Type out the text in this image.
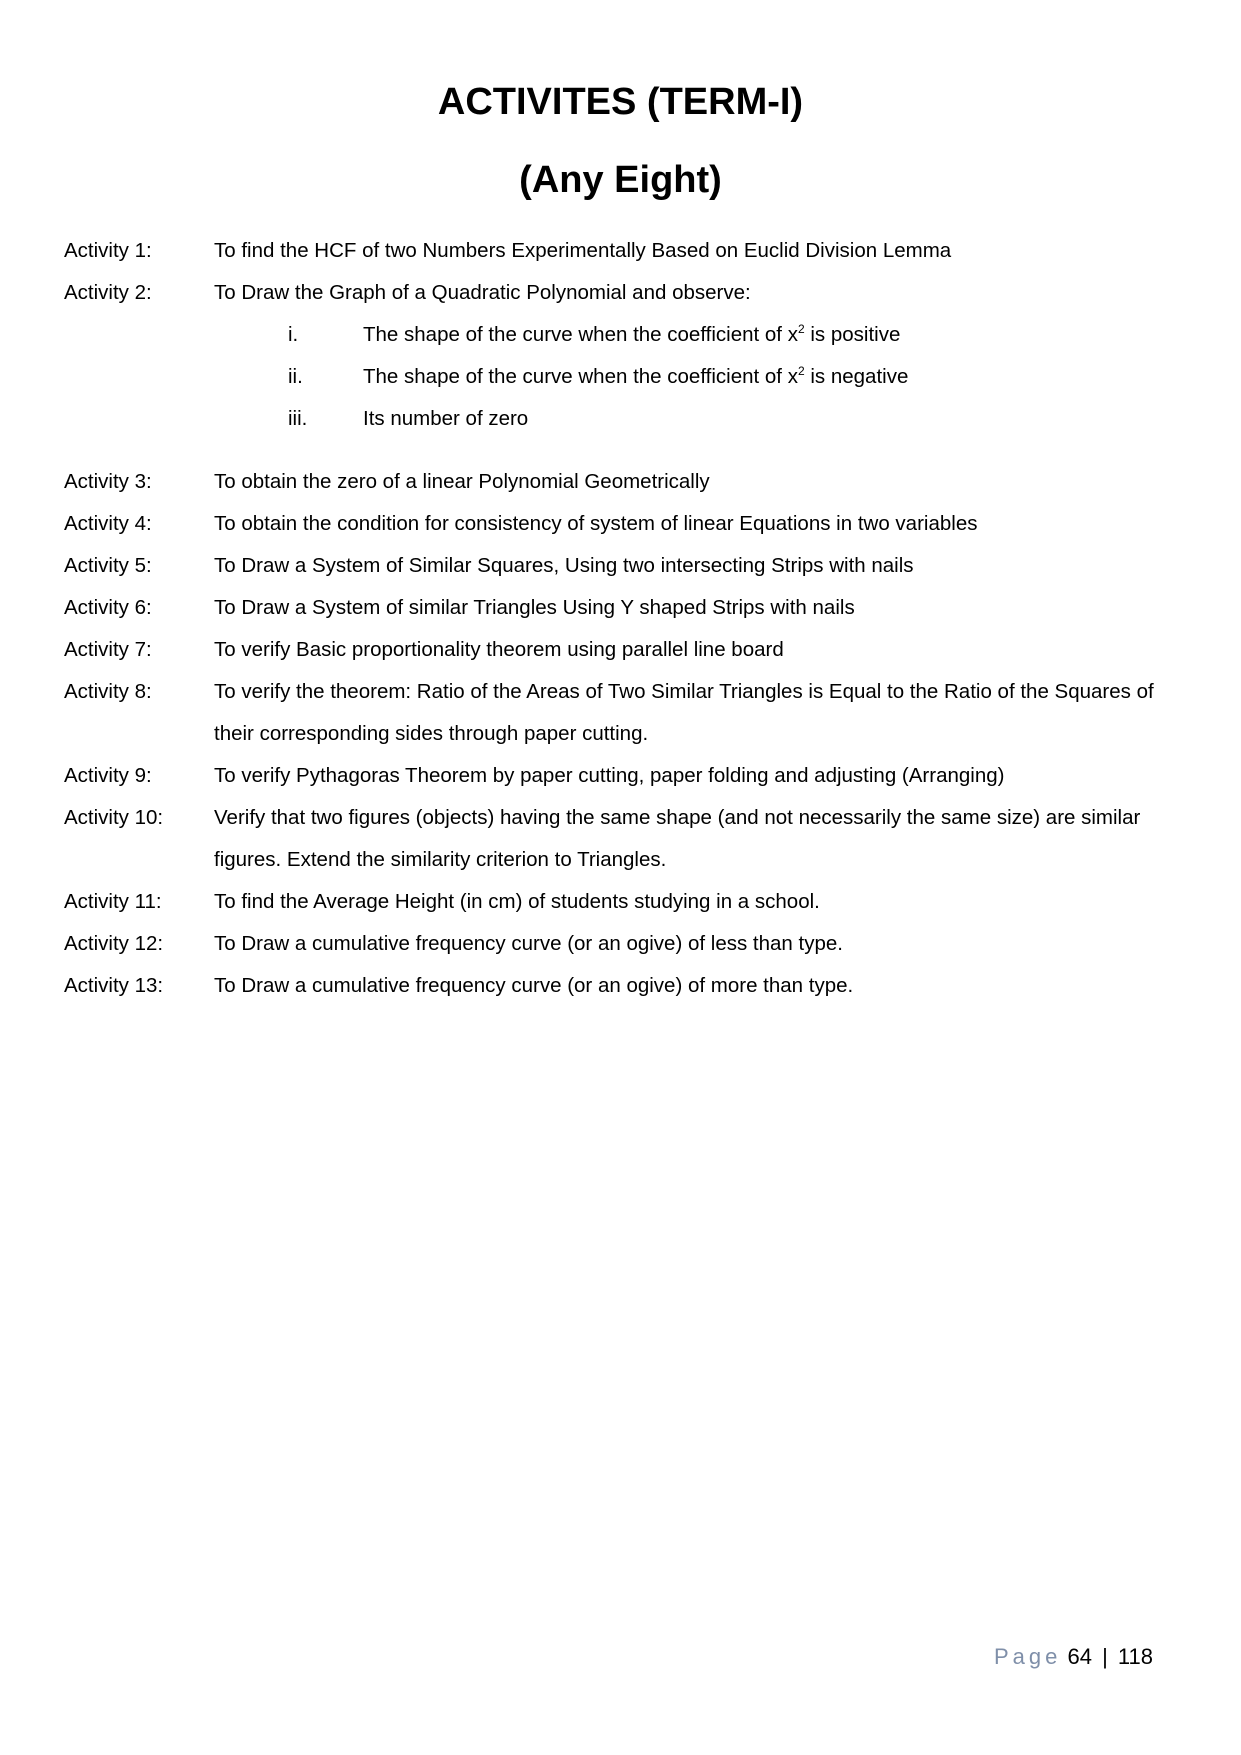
ACTIVITES (TERM-I)
(Any Eight)
Activity 1:	To find the HCF of two Numbers Experimentally Based on Euclid Division Lemma
Activity 2:	To Draw the Graph of a Quadratic Polynomial and observe:
i.	The shape of the curve when the coefficient of $x^2$ is positive
ii.	The shape of the curve when the coefficient of $x^2$ is negative
iii.	Its number of zero
Activity 3:	To obtain the zero of a linear Polynomial Geometrically
Activity 4:	To obtain the condition for consistency of system of linear Equations in two variables
Activity 5:	To Draw a System of Similar Squares, Using two intersecting Strips with nails
Activity 6:	To Draw a System of similar Triangles Using Y shaped Strips with nails
Activity 7:	To verify Basic proportionality theorem using parallel line board
Activity 8:	To verify the theorem: Ratio of the Areas of Two Similar Triangles is Equal to the Ratio of the Squares of their corresponding sides through paper cutting.
Activity 9:	To verify Pythagoras Theorem by paper cutting, paper folding and adjusting (Arranging)
Activity 10:	Verify that two figures (objects) having the same shape (and not necessarily the same size) are similar figures. Extend the similarity criterion to Triangles.
Activity 11:	To find the Average Height (in cm) of students studying in a school.
Activity 12:	To Draw a cumulative frequency curve (or an ogive) of less than type.
Activity 13:	To Draw a cumulative frequency curve (or an ogive) of more than type.
Page 64 | 118
